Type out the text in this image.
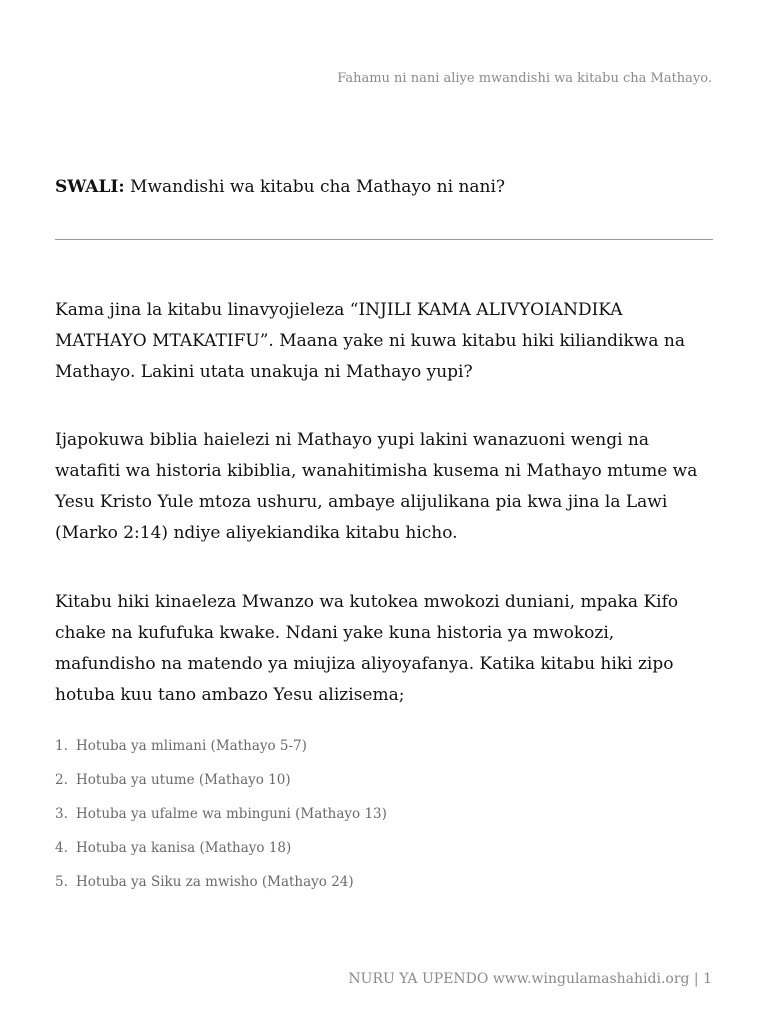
Fahamu ni nani aliye mwandishi wa kitabu cha Mathayo.
SWALI: Mwandishi wa kitabu cha Mathayo ni nani?

Kama jina la kitabu linavyojieleza “INJILI KAMA ALIVYOIANDIKA MATHAYO MTAKATIFU”. Maana yake ni kuwa kitabu hiki kiliandikwa na Mathayo. Lakini utata unakuja ni Mathayo yupi?

Ijapokuwa biblia haielezi ni Mathayo yupi lakini wanazuoni wengi na watafiti wa historia kibiblia, wanahitimisha kusema ni Mathayo mtume wa Yesu Kristo Yule mtoza ushuru, ambaye alijulikana pia kwa jina la Lawi (Marko 2:14) ndiye aliyekiandika kitabu hicho.

Kitabu hiki kinaeleza Mwanzo wa kutokea mwokozi duniani, mpaka Kifo chake na kufufuka kwake. Ndani yake kuna historia ya mwokozi, mafundisho na matendo ya miujiza aliyoyafanya. Katika kitabu hiki zipo hotuba kuu tano ambazo Yesu alizisema;

1. Hotuba ya mlimani (Mathayo 5-7)
2. Hotuba ya utume (Mathayo 10)
3. Hotuba ya ufalme wa mbinguni (Mathayo 13)
4. Hotuba ya kanisa (Mathayo 18)
5. Hotuba ya Siku za mwisho (Mathayo 24)
NURU YA UPENDO www.wingulamashahidi.org | 1
